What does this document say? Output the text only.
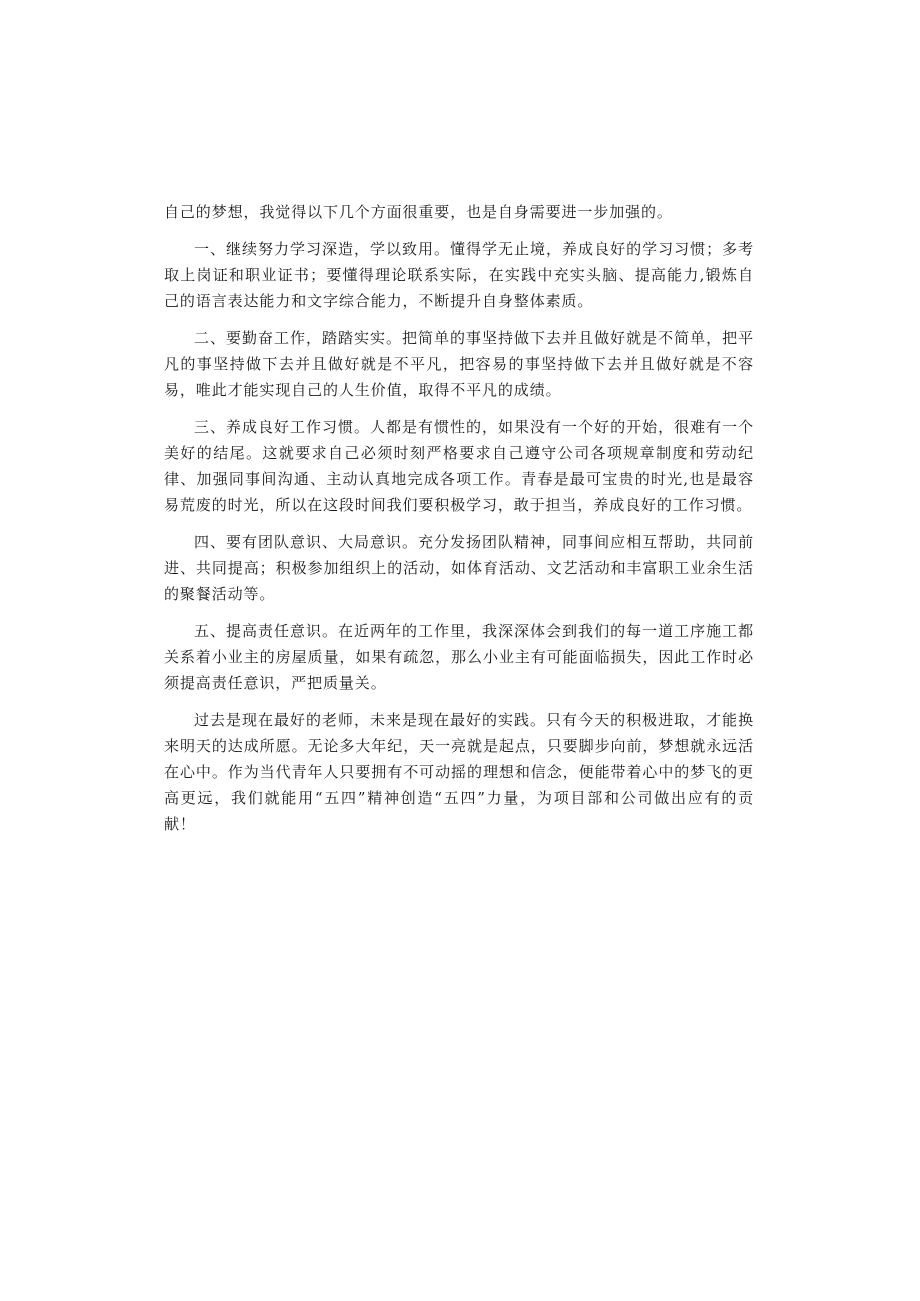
自己的梦想，我觉得以下几个方面很重要，也是自身需要进一步加强的。

一、继续努力学习深造，学以致用。懂得学无止境，养成良好的学习习惯；多考取上岗证和职业证书；要懂得理论联系实际，在实践中充实头脑、提高能力,锻炼自己的语言表达能力和文字综合能力，不断提升自身整体素质。

二、要勤奋工作，踏踏实实。把简单的事坚持做下去并且做好就是不简单，把平凡的事坚持做下去并且做好就是不平凡，把容易的事坚持做下去并且做好就是不容易，唯此才能实现自己的人生价值，取得不平凡的成绩。

三、养成良好工作习惯。人都是有惯性的，如果没有一个好的开始，很难有一个美好的结尾。这就要求自己必须时刻严格要求自己遵守公司各项规章制度和劳动纪律、加强同事间沟通、主动认真地完成各项工作。青春是最可宝贵的时光,也是最容易荒废的时光，所以在这段时间我们要积极学习，敢于担当，养成良好的工作习惯。

四、要有团队意识、大局意识。充分发扬团队精神，同事间应相互帮助，共同前进、共同提高；积极参加组织上的活动，如体育活动、文艺活动和丰富职工业余生活的聚餐活动等。

五、提高责任意识。在近两年的工作里，我深深体会到我们的每一道工序施工都关系着小业主的房屋质量，如果有疏忽，那么小业主有可能面临损失，因此工作时必须提高责任意识，严把质量关。

过去是现在最好的老师，未来是现在最好的实践。只有今天的积极进取，才能换来明天的达成所愿。无论多大年纪，天一亮就是起点，只要脚步向前，梦想就永远活在心中。作为当代青年人只要拥有不可动摇的理想和信念，便能带着心中的梦飞的更高更远，我们就能用“五四”精神创造“五四”力量，为项目部和公司做出应有的贡献！
